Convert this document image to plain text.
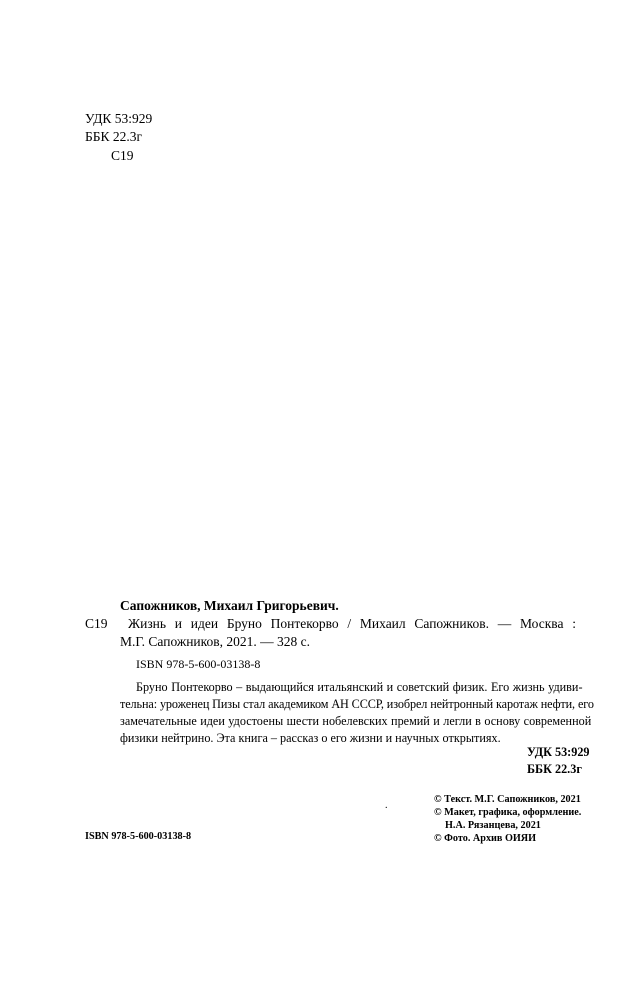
УДК 53:929
ББК 22.3г
С19
Сапожников, Михаил Григорьевич.
С19 Жизнь и идеи Бруно Понтекорво / Михаил Сапожников. — Москва :
М.Г. Сапожников, 2021. — 328 с.
ISBN 978-5-600-03138-8
Бруно Понтекорво – выдающийся итальянский и советский физик. Его жизнь удиви-
тельна: уроженец Пизы стал академиком АН СССР, изобрел нейтронный каротаж нефти, его
замечательные идеи удостоены шести нобелевских премий и легли в основу современной
физики нейтрино. Эта книга – рассказ о его жизни и научных открытиях.
УДК 53:929
ББК 22.3г
© Текст. М.Г. Сапожников, 2021
© Макет, графика, оформление.
Н.А. Рязанцева, 2021
© Фото. Архив ОИЯИ
.
ISBN 978-5-600-03138-8
